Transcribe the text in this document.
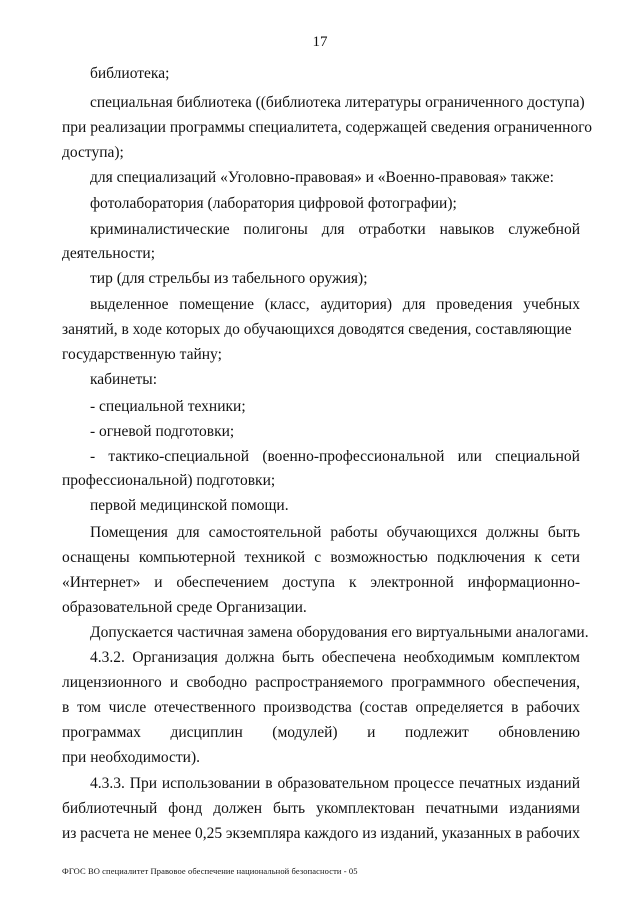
17
библиотека;
специальная библиотека ((библиотека литературы ограниченного доступа)
при реализации программы специалитета, содержащей сведения ограниченного
доступа);
для специализаций «Уголовно-правовая» и «Военно-правовая» также:
фотолаборатория (лаборатория цифровой фотографии);
криминалистические полигоны для отработки навыков служебной
деятельности;
тир (для стрельбы из табельного оружия);
выделенное помещение (класс, аудитория) для проведения учебных
занятий, в ходе которых до обучающихся доводятся сведения, составляющие
государственную тайну;
кабинеты:
- специальной техники;
- огневой подготовки;
- тактико-специальной (военно-профессиональной или специальной
профессиональной) подготовки;
первой медицинской помощи.
Помещения для самостоятельной работы обучающихся должны быть
оснащены компьютерной техникой с возможностью подключения к сети
«Интернет» и обеспечением доступа к электронной информационно-
образовательной среде Организации.
Допускается частичная замена оборудования его виртуальными аналогами.
4.3.2. Организация должна быть обеспечена необходимым комплектом
лицензионного и свободно распространяемого программного обеспечения,
в том числе отечественного производства (состав определяется в рабочих
программах дисциплин (модулей) и подлежит обновлению
при необходимости).
4.3.3. При использовании в образовательном процессе печатных изданий
библиотечный фонд должен быть укомплектован печатными изданиями
из расчета не менее 0,25 экземпляра каждого из изданий, указанных в рабочих
ФГОС ВО специалитет Правовое обеспечение национальной безопасности - 05
